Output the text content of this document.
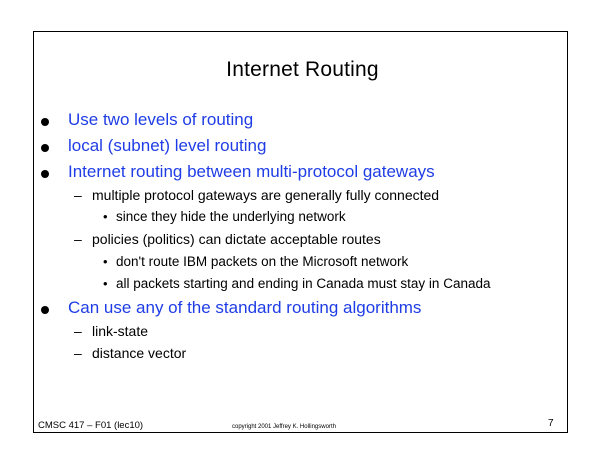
Internet Routing
Use two levels of routing
local (subnet) level routing
Internet routing between multi-protocol gateways
– multiple protocol gateways are generally fully connected
• since they hide the underlying network
– policies (politics) can dictate acceptable routes
• don't route IBM packets on the Microsoft network
• all packets starting and ending in Canada must stay in Canada
Can use any of the standard routing algorithms
– link-state
– distance vector
CMSC 417 – F01 (lec10)	copyright 2001 Jeffrey K. Hollingsworth	7
